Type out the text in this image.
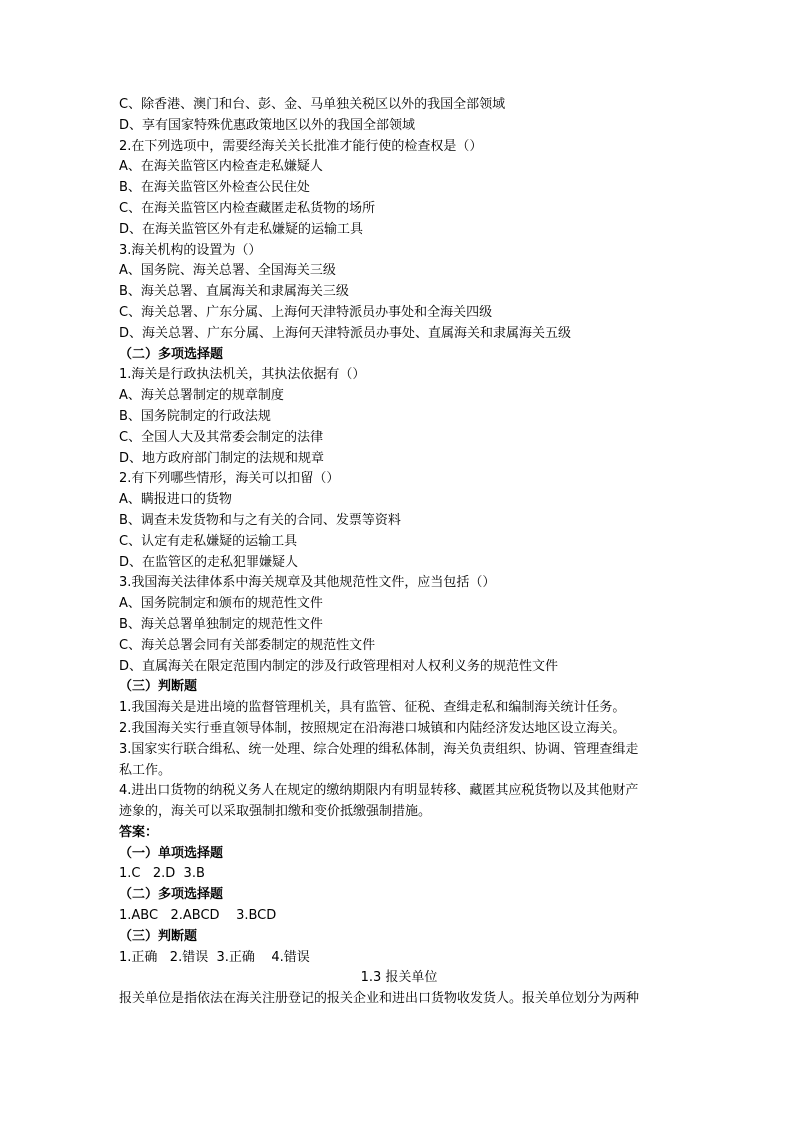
C、除香港、澳门和台、彭、金、马单独关税区以外的我国全部领域
D、享有国家特殊优惠政策地区以外的我国全部领域
2.在下列选项中，需要经海关关长批准才能行使的检查权是（）
A、在海关监管区内检查走私嫌疑人
B、在海关监管区外检查公民住处
C、在海关监管区内检查藏匿走私货物的场所
D、在海关监管区外有走私嫌疑的运输工具
3.海关机构的设置为（）
A、国务院、海关总署、全国海关三级
B、海关总署、直属海关和隶属海关三级
C、海关总署、广东分属、上海何天津特派员办事处和全海关四级
D、海关总署、广东分属、上海何天津特派员办事处、直属海关和隶属海关五级
（二）多项选择题
1.海关是行政执法机关，其执法依据有（）
A、海关总署制定的规章制度
B、国务院制定的行政法规
C、全国人大及其常委会制定的法律
D、地方政府部门制定的法规和规章
2.有下列哪些情形，海关可以扣留（）
A、瞒报进口的货物
B、调查未发货物和与之有关的合同、发票等资料
C、认定有走私嫌疑的运输工具
D、在监管区的走私犯罪嫌疑人
3.我国海关法律体系中海关规章及其他规范性文件，应当包括（）
A、国务院制定和颁布的规范性文件
B、海关总署单独制定的规范性文件
C、海关总署会同有关部委制定的规范性文件
D、直属海关在限定范围内制定的涉及行政管理相对人权利义务的规范性文件
（三）判断题
1.我国海关是进出境的监督管理机关，具有监管、征税、查缉走私和编制海关统计任务。
2.我国海关实行垂直领导体制，按照规定在沿海港口城镇和内陆经济发达地区设立海关。
3.国家实行联合缉私、统一处理、综合处理的缉私体制，海关负责组织、协调、管理查缉走
私工作。
4.进出口货物的纳税义务人在规定的缴纳期限内有明显转移、藏匿其应税货物以及其他财产
迹象的，海关可以采取强制扣缴和变价抵缴强制措施。
答案：
（一）单项选择题
1.C   2.D  3.B
（二）多项选择题
1.ABC   2.ABCD    3.BCD
（三）判断题
1.正确   2.错误  3.正确    4.错误
1.3 报关单位
报关单位是指依法在海关注册登记的报关企业和进出口货物收发货人。报关单位划分为两种
